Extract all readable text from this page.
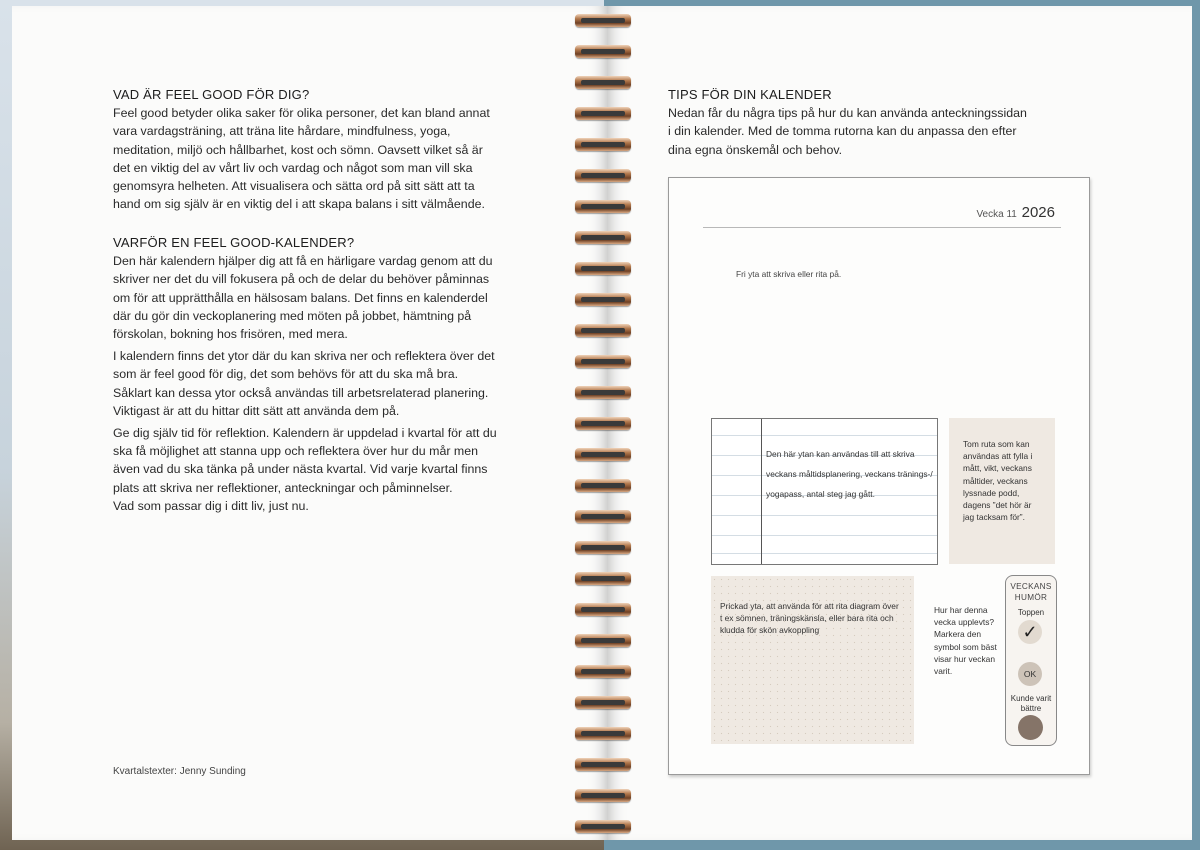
VAD ÄR FEEL GOOD FÖR DIG?

Feel good betyder olika saker för olika personer, det kan bland annat
vara vardagsträning, att träna lite hårdare, mindfulness, yoga,
meditation, miljö och hållbarhet, kost och sömn. Oavsett vilket så är
det en viktig del av vårt liv och vardag och något som man vill ska
genomsyra helheten. Att visualisera och sätta ord på sitt sätt att ta
hand om sig själv är en viktig del i att skapa balans i sitt välmående.

VARFÖR EN FEEL GOOD-KALENDER?

Den här kalendern hjälper dig att få en härligare vardag genom att du
skriver ner det du vill fokusera på och de delar du behöver påminnas
om för att upprätthålla en hälsosam balans. Det finns en kalenderdel
där du gör din veckoplanering med möten på jobbet, hämtning på
förskolan, bokning hos frisören, med mera.

I kalendern finns det ytor där du kan skriva ner och reflektera över det
som är feel good för dig, det som behövs för att du ska må bra.
Såklart kan dessa ytor också användas till arbetsrelaterad planering.
Viktigast är att du hittar ditt sätt att använda dem på.

Ge dig själv tid för reflektion. Kalendern är uppdelad i kvartal för att du
ska få möjlighet att stanna upp och reflektera över hur du mår men
även vad du ska tänka på under nästa kvartal. Vid varje kvartal finns
plats att skriva ner reflektioner, anteckningar och påminnelser.
Vad som passar dig i ditt liv, just nu.

Kvartalstexter: Jenny Sunding
TIPS FÖR DIN KALENDER

Nedan får du några tips på hur du kan använda anteckningssidan
i din kalender. Med de tomma rutorna kan du anpassa den efter
dina egna önskemål och behov.

Vecka 11 2026
Fri yta att skriva eller rita på.
Den här ytan kan användas till att skriva veckans måltidsplanering, veckans tränings-/ yogapass, antal steg jag gått.
Tom ruta som kan användas att fylla i mått, vikt, veckans måltider, veckans lyssnade podd, dagens ”det hör är jag tacksam för”.
Prickad yta, att använda för att rita diagram över t ex sömnen, träningskänsla, eller bara rita och kludda för skön avkoppling
Hur har denna vecka upplevts? Markera den symbol som bäst visar hur veckan varit.
VECKANS
HUMÖR
Toppen
✓
OK
Kunde varit
bättre
